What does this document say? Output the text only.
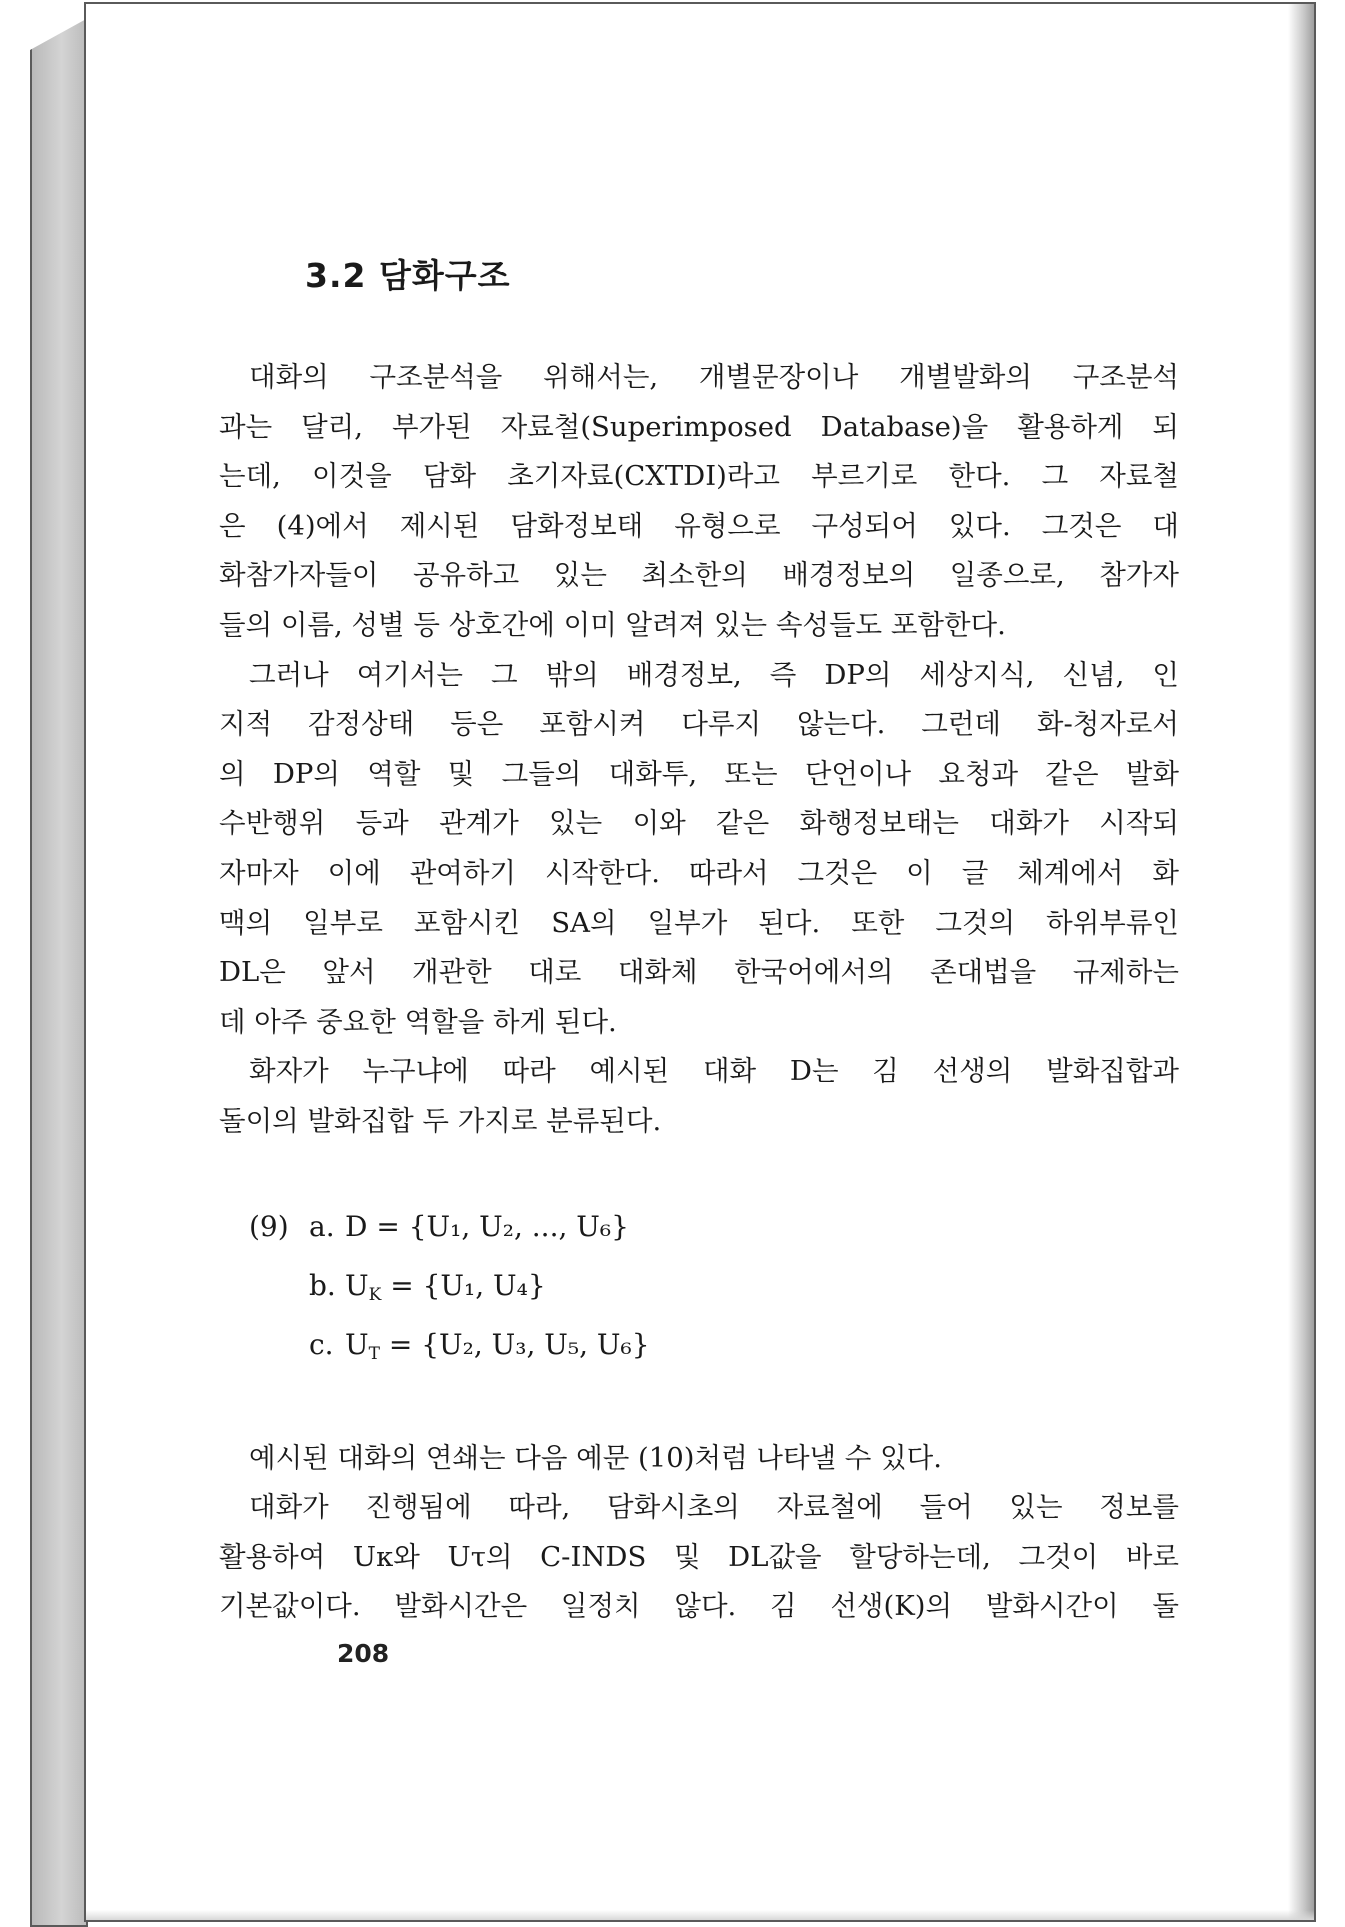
3.2 담화구조

대화의 구조분석을 위해서는, 개별문장이나 개별발화의 구조분석
과는 달리, 부가된 자료철(Superimposed Database)을 활용하게 되
는데, 이것을 담화 초기자료(CXTDI)라고 부르기로 한다. 그 자료철
은 (4)에서 제시된 담화정보태 유형으로 구성되어 있다. 그것은 대
화참가자들이 공유하고 있는 최소한의 배경정보의 일종으로, 참가자
들의 이름, 성별 등 상호간에 이미 알려져 있는 속성들도 포함한다.

그러나 여기서는 그 밖의 배경정보, 즉 DP의 세상지식, 신념, 인
지적 감정상태 등은 포함시켜 다루지 않는다. 그런데 화-청자로서
의 DP의 역할 및 그들의 대화투, 또는 단언이나 요청과 같은 발화
수반행위 등과 관계가 있는 이와 같은 화행정보태는 대화가 시작되
자마자 이에 관여하기 시작한다. 따라서 그것은 이 글 체계에서 화
맥의 일부로 포함시킨 SA의 일부가 된다. 또한 그것의 하위부류인
DL은 앞서 개관한 대로 대화체 한국어에서의 존대법을 규제하는
데 아주 중요한 역할을 하게 된다.

화자가 누구냐에 따라 예시된 대화 D는 김 선생의 발화집합과
돌이의 발화집합 두 가지로 분류된다.

(9) a. D = {U₁, U₂, ..., U₆}
b. $U_K = \{U_1$, U₄}
c. $U_T = \{U_2$, U₃, U₅, U₆}

예시된 대화의 연쇄는 다음 예문 (10)처럼 나타낼 수 있다.

대화가 진행됨에 따라, 담화시초의 자료철에 들어 있는 정보를
활용하여 Uκ와 Uτ의 C-INDS 및 DL값을 할당하는데, 그것이 바로
기본값이다. 발화시간은 일정치 않다. 김 선생(K)의 발화시간이 돌

208
